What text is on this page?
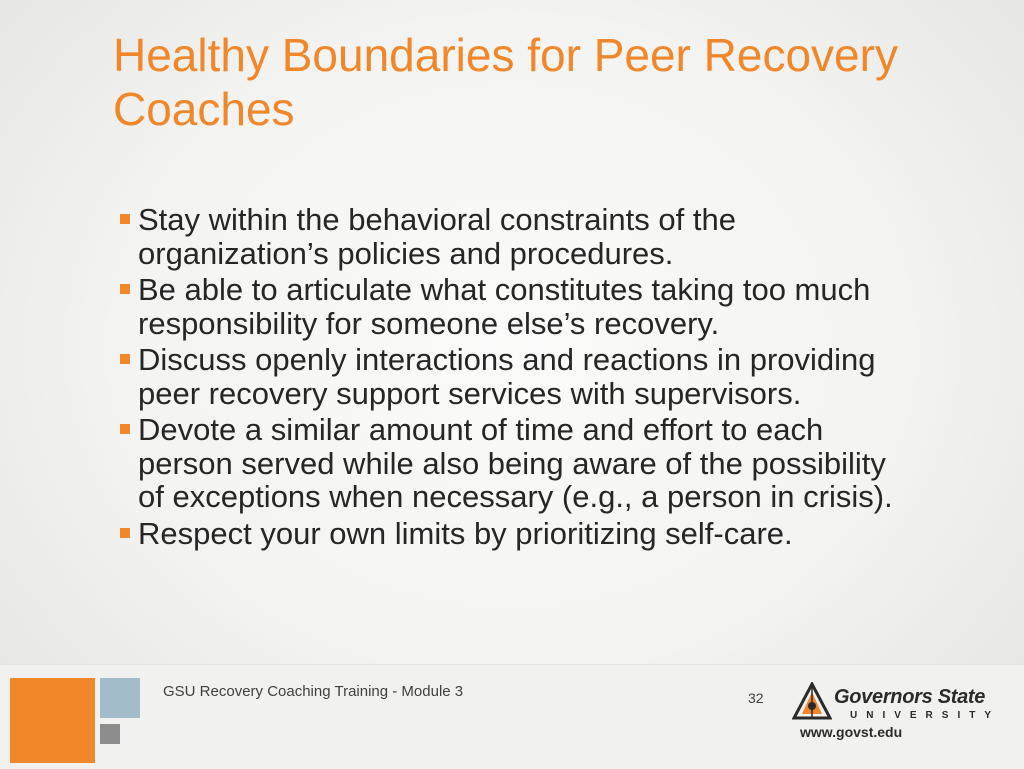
Healthy Boundaries for Peer Recovery Coaches
Stay within the behavioral constraints of the organization’s policies and procedures.
Be able to articulate what constitutes taking too much responsibility for someone else’s recovery.
Discuss openly interactions and reactions in providing peer recovery support services with supervisors.
Devote a similar amount of time and effort to each person served while also being aware of the possibility of exceptions when necessary (e.g., a person in crisis).
Respect your own limits by prioritizing self-care.

GSU Recovery Coaching Training - Module 3	32	Governors State
UNIVERSITY
www.govst.edu
